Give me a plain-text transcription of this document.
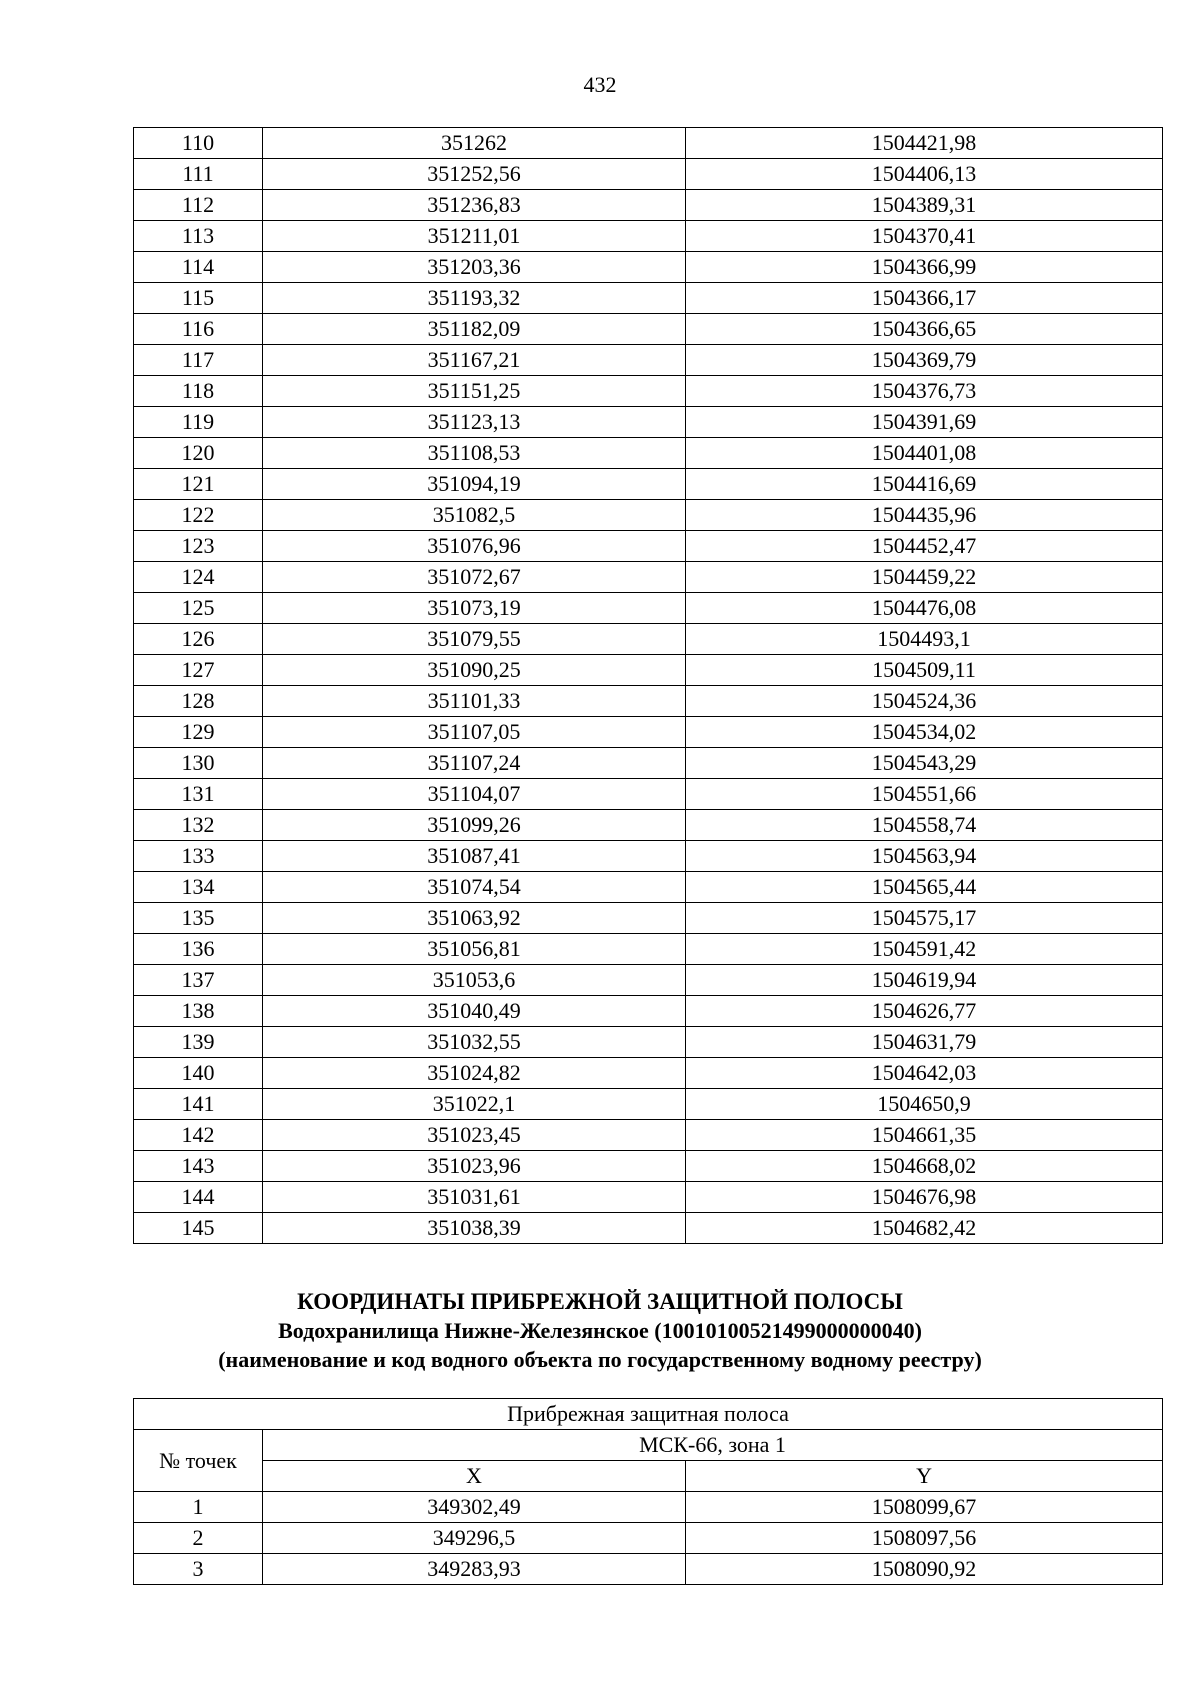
432
110	351262	1504421,98
111	351252,56	1504406,13
112	351236,83	1504389,31
113	351211,01	1504370,41
114	351203,36	1504366,99
115	351193,32	1504366,17
116	351182,09	1504366,65
117	351167,21	1504369,79
118	351151,25	1504376,73
119	351123,13	1504391,69
120	351108,53	1504401,08
121	351094,19	1504416,69
122	351082,5	1504435,96
123	351076,96	1504452,47
124	351072,67	1504459,22
125	351073,19	1504476,08
126	351079,55	1504493,1
127	351090,25	1504509,11
128	351101,33	1504524,36
129	351107,05	1504534,02
130	351107,24	1504543,29
131	351104,07	1504551,66
132	351099,26	1504558,74
133	351087,41	1504563,94
134	351074,54	1504565,44
135	351063,92	1504575,17
136	351056,81	1504591,42
137	351053,6	1504619,94
138	351040,49	1504626,77
139	351032,55	1504631,79
140	351024,82	1504642,03
141	351022,1	1504650,9
142	351023,45	1504661,35
143	351023,96	1504668,02
144	351031,61	1504676,98
145	351038,39	1504682,42
КООРДИНАТЫ ПРИБРЕЖНОЙ ЗАЩИТНОЙ ПОЛОСЫ
Водохранилища Нижне-Железянское (10010100521499000000040)
(наименование и код водного объекта по государственному водному реестру)
Прибрежная защитная полоса		
№ точек	МСК-66, зона 1	
	X	Y
1	349302,49	1508099,67
2	349296,5	1508097,56
3	349283,93	1508090,92
